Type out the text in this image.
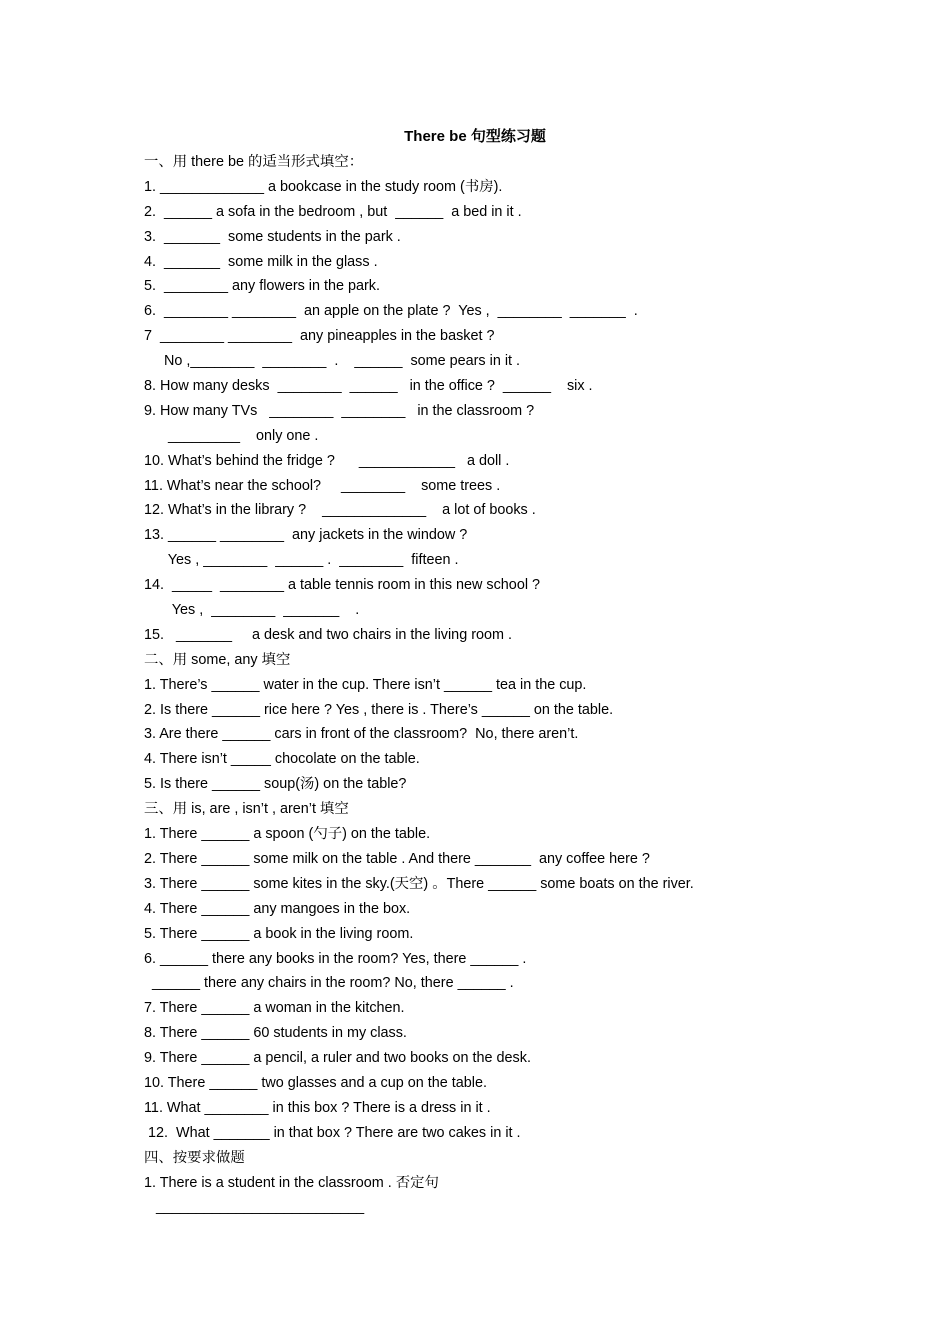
There be 句型练习题
一、用 there be 的适当形式填空：
1. _____________ a bookcase in the study room (书房).
2.  ______ a sofa in the bedroom , but  ______  a bed in it .
3.  _______  some students in the park .
4.  _______  some milk in the glass .
5.  ________ any flowers in the park.
6.  ________ ________  an apple on the plate ?  Yes ,  ________  _______  .
7  ________ ________  any pineapples in the basket ?
No ,________  ________  .    ______  some pears in it .
8. How many desks  ________  ______   in the office ?  ______    six .
9. How many TVs   ________  ________   in the classroom ?
_________    only one .
10. What’s behind the fridge ?      ____________   a doll .
11. What’s near the school?     ________    some trees .
12. What’s in the library ?    _____________    a lot of books .
13. ______ ________  any jackets in the window ?
Yes , ________  ______ .  ________  fifteen .
14.  _____  ________ a table tennis room in this new school ?
Yes ,  ________  _______    .
15.   _______     a desk and two chairs in the living room .
二、用 some, any 填空
1. There’s ______ water in the cup. There isn’t ______ tea in the cup.
2. Is there ______ rice here ? Yes , there is . There’s ______ on the table.
3. Are there ______ cars in front of the classroom?  No, there aren’t.
4. There isn’t _____ chocolate on the table.
5. Is there ______ soup(汤) on the table?
三、用 is, are , isn’t , aren’t 填空
1. There ______ a spoon (勺子) on the table.
2. There ______ some milk on the table . And there _______  any coffee here ?
3. There ______ some kites in the sky.(天空) 。There ______ some boats on the river.
4. There ______ any mangoes in the box.
5. There ______ a book in the living room.
6. ______ there any books in the room? Yes, there ______ .
______ there any chairs in the room? No, there ______ .
7. There ______ a woman in the kitchen.
8. There ______ 60 students in my class.
9. There ______ a pencil, a ruler and two books on the desk.
10. There ______ two glasses and a cup on the table.
11. What ________ in this box ? There is a dress in it .
12.  What _______ in that box ? There are two cakes in it .
四、按要求做题
1. There is a student in the classroom . 否定句
__________________________
